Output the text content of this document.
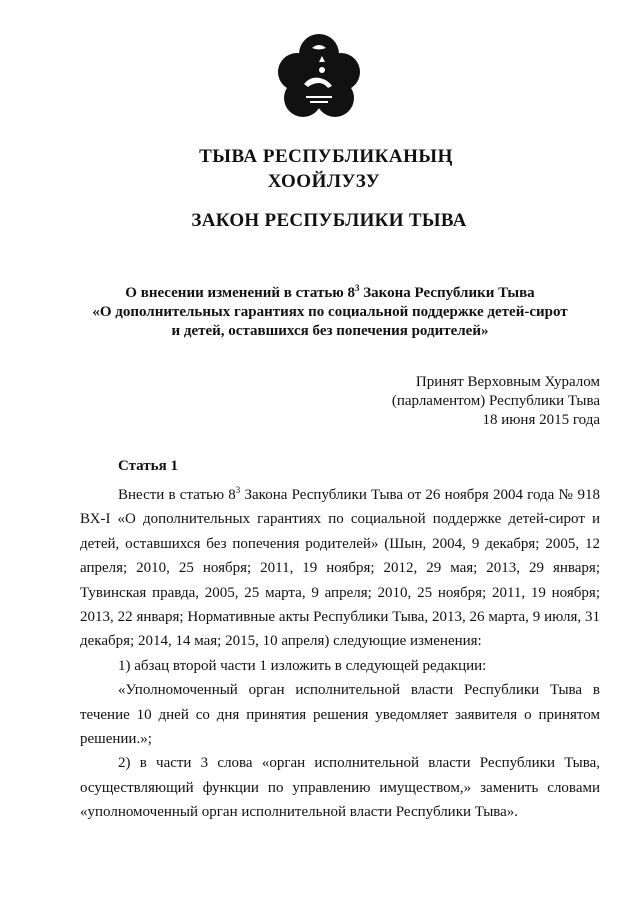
ТЫВА РЕСПУБЛИКАНЫҢ
ХООЙЛУЗУ
ЗАКОН РЕСПУБЛИКИ ТЫВА
О внесении изменений в статью $8^3$ Закона Республики Тыва
«О дополнительных гарантиях по социальной поддержке детей-сирот
и детей, оставшихся без попечения родителей»
Принят Верховным Хуралом
(парламентом) Республики Тыва
18 июня 2015 года
Статья 1

Внести в статью $8^3$ Закона Республики Тыва от 26 ноября 2004 года № 918 ВХ-I «О дополнительных гарантиях по социальной поддержке детей-сирот и детей, оставшихся без попечения родителей» (Шын, 2004, 9 декабря; 2005, 12 апреля; 2010, 25 ноября; 2011, 19 ноября; 2012, 29 мая; 2013, 29 января; Тувинская правда, 2005, 25 марта, 9 апреля; 2010, 25 ноября; 2011, 19 ноября; 2013, 22 января; Нормативные акты Республики Тыва, 2013, 26 марта, 9 июля, 31 декабря; 2014, 14 мая; 2015, 10 апреля) следующие изменения:

1) абзац второй части 1 изложить в следующей редакции:

«Уполномоченный орган исполнительной власти Республики Тыва в течение 10 дней со дня принятия решения уведомляет заявителя о принятом решении.»;

2) в части 3 слова «орган исполнительной власти Республики Тыва, осуществляющий функции по управлению имуществом,» заменить словами «уполномоченный орган исполнительной власти Республики Тыва».
